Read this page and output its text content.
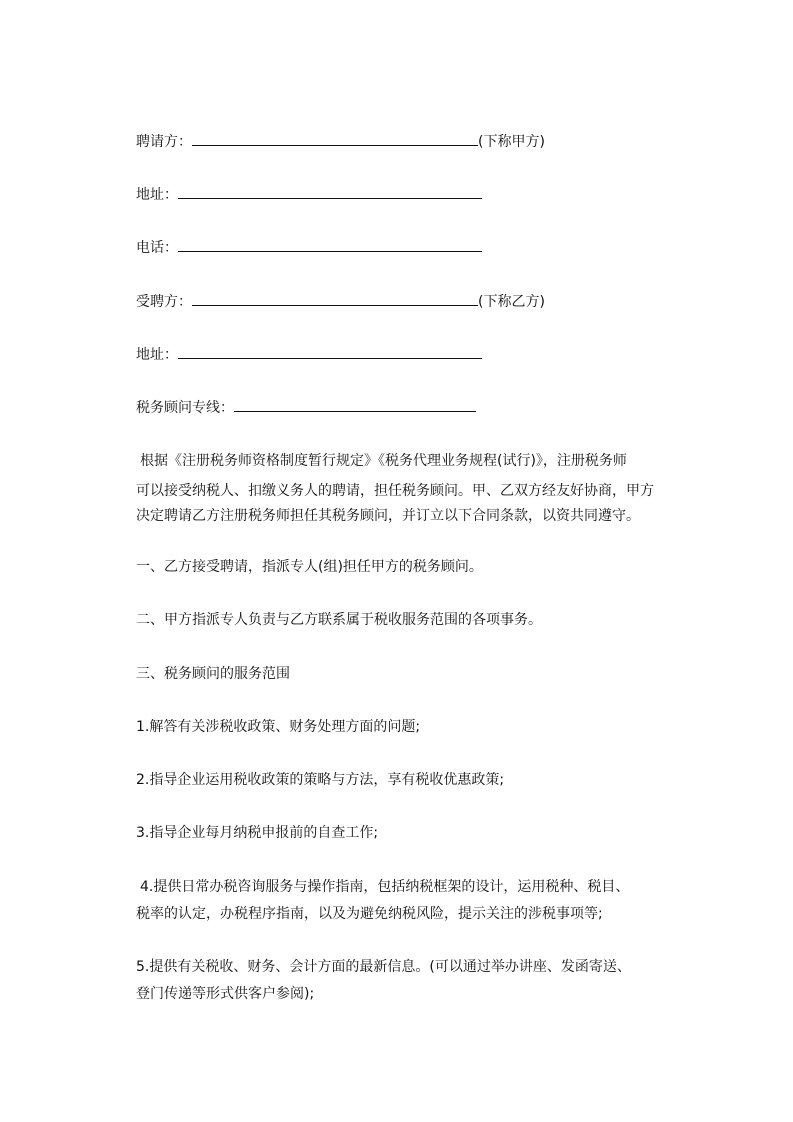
聘请方：	(下称甲方)
地址：
电话：
受聘方：	(下称乙方)
地址：
税务顾问专线：
根据《注册税务师资格制度暂行规定》《税务代理业务规程(试行)》，注册税务师
可以接受纳税人、扣缴义务人的聘请，担任税务顾问。甲、乙双方经友好协商，甲方
决定聘请乙方注册税务师担任其税务顾问，并订立以下合同条款，以资共同遵守。
一、乙方接受聘请，指派专人(组)担任甲方的税务顾问。
二、甲方指派专人负责与乙方联系属于税收服务范围的各项事务。
三、税务顾问的服务范围
1.解答有关涉税收政策、财务处理方面的问题;
2.指导企业运用税收政策的策略与方法，享有税收优惠政策;
3.指导企业每月纳税申报前的自查工作;
4.提供日常办税咨询服务与操作指南，包括纳税框架的设计，运用税种、税目、
税率的认定，办税程序指南，以及为避免纳税风险，提示关注的涉税事项等;
5.提供有关税收、财务、会计方面的最新信息。(可以通过举办讲座、发函寄送、
登门传递等形式供客户参阅);
